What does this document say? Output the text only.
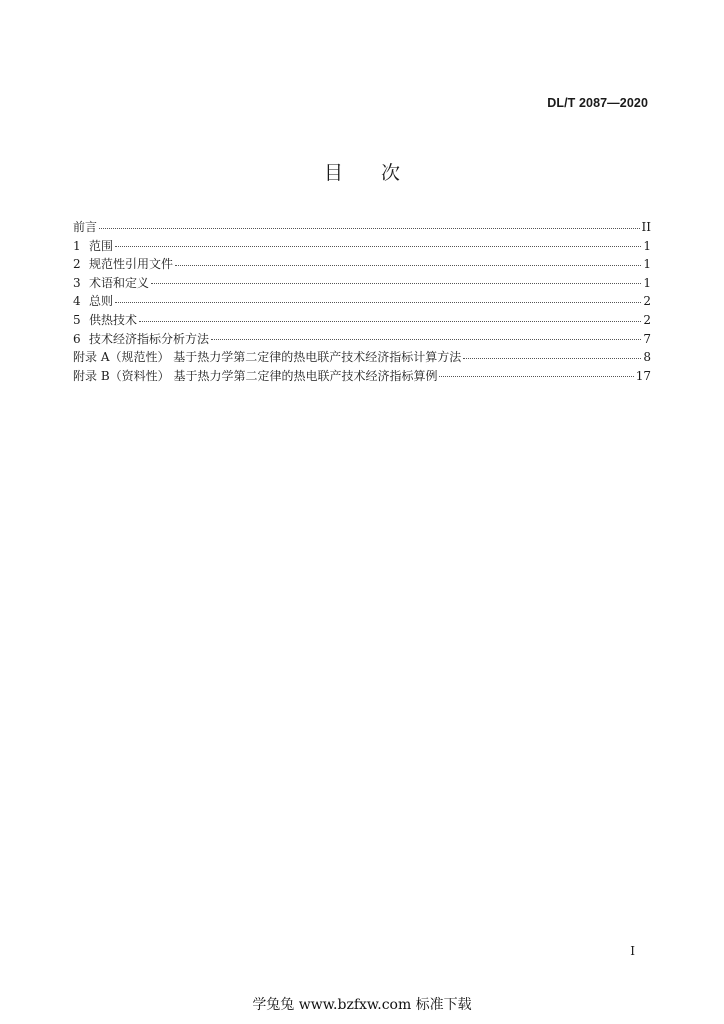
DL/T 2087—2020
目次
前言	II
1 范围	1
2 规范性引用文件	1
3 术语和定义	1
4 总则	2
5 供热技术	2
6 技术经济指标分析方法	7
附录 A（规范性） 基于热力学第二定律的热电联产技术经济指标计算方法	8
附录 B（资料性） 基于热力学第二定律的热电联产技术经济指标算例	17
I
学兔兔 www.bzfxw.com 标准下载
